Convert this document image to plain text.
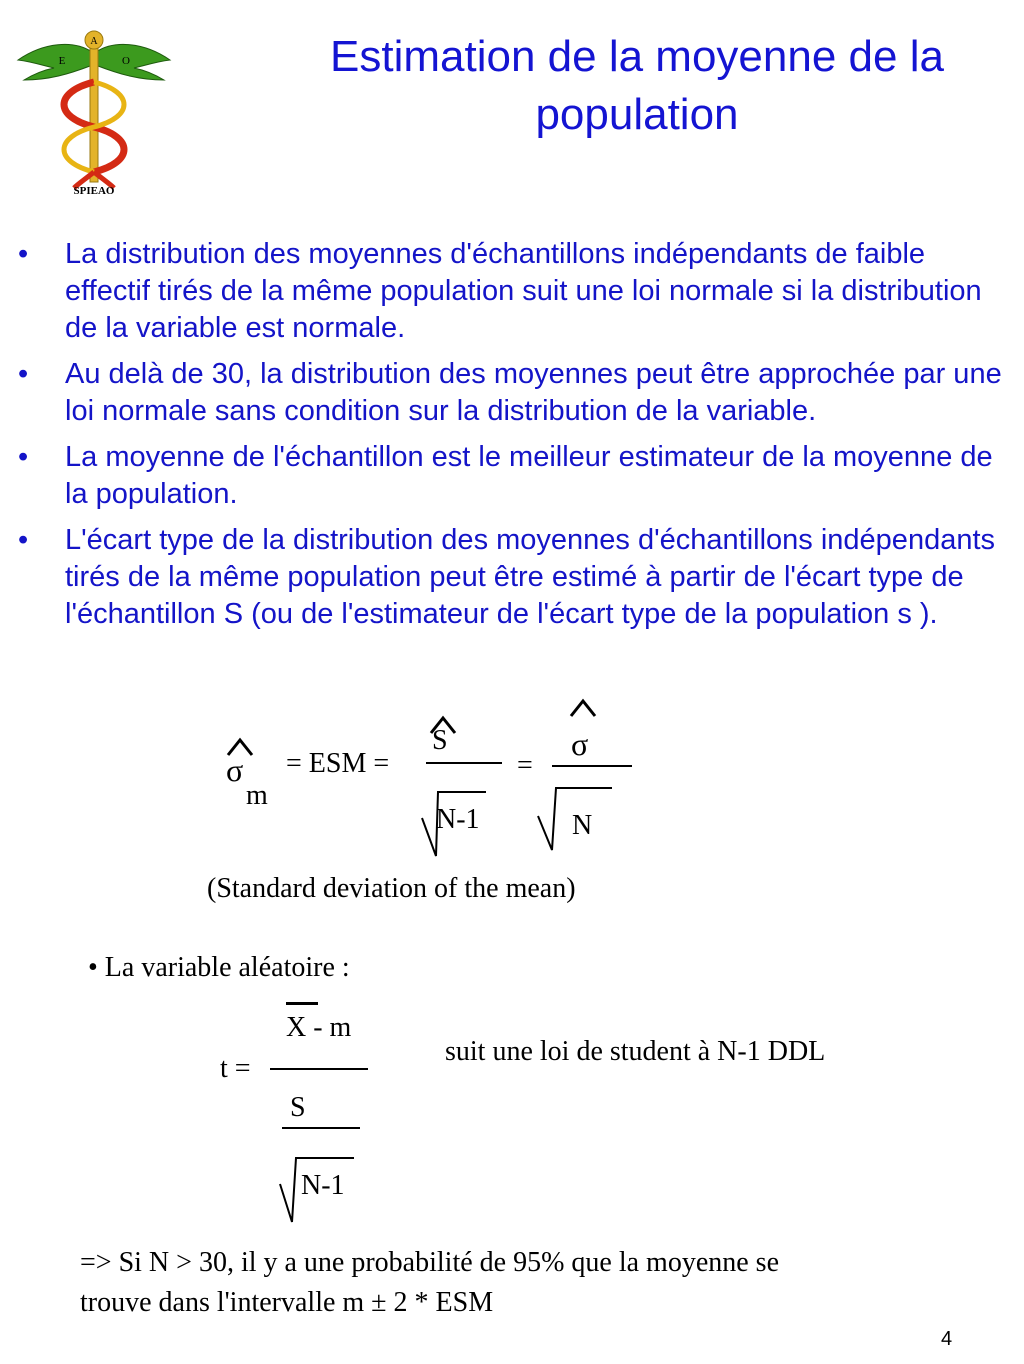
A
E	O
SPIEAO
Estimation de la moyenne de la
population
• La distribution des moyennes d'échantillons indépendants de faible effectif tirés de la même population suit une loi normale si la distribution de la variable est normale.
• Au delà de 30, la distribution des moyennes peut être approchée par une loi normale sans condition sur la distribution de la variable.
• La moyenne de l'échantillon est le meilleur estimateur de la moyenne de la population.
• L'écart type de la distribution des moyennes d'échantillons indépendants tirés de la même population peut être estimé à partir de l'écart type de l'échantillon S (ou de l'estimateur de l'écart type de la population s ).
σ
m
= ESM =
S
N-1
=
σ
N
(Standard deviation of the mean)
• La variable aléatoire :
t =
X - m
S
N-1
suit une loi de student à N-1 DDL
=> Si N > 30, il y a une probabilité de 95% que la moyenne se
trouve dans l'intervalle m ± 2 * ESM
4
